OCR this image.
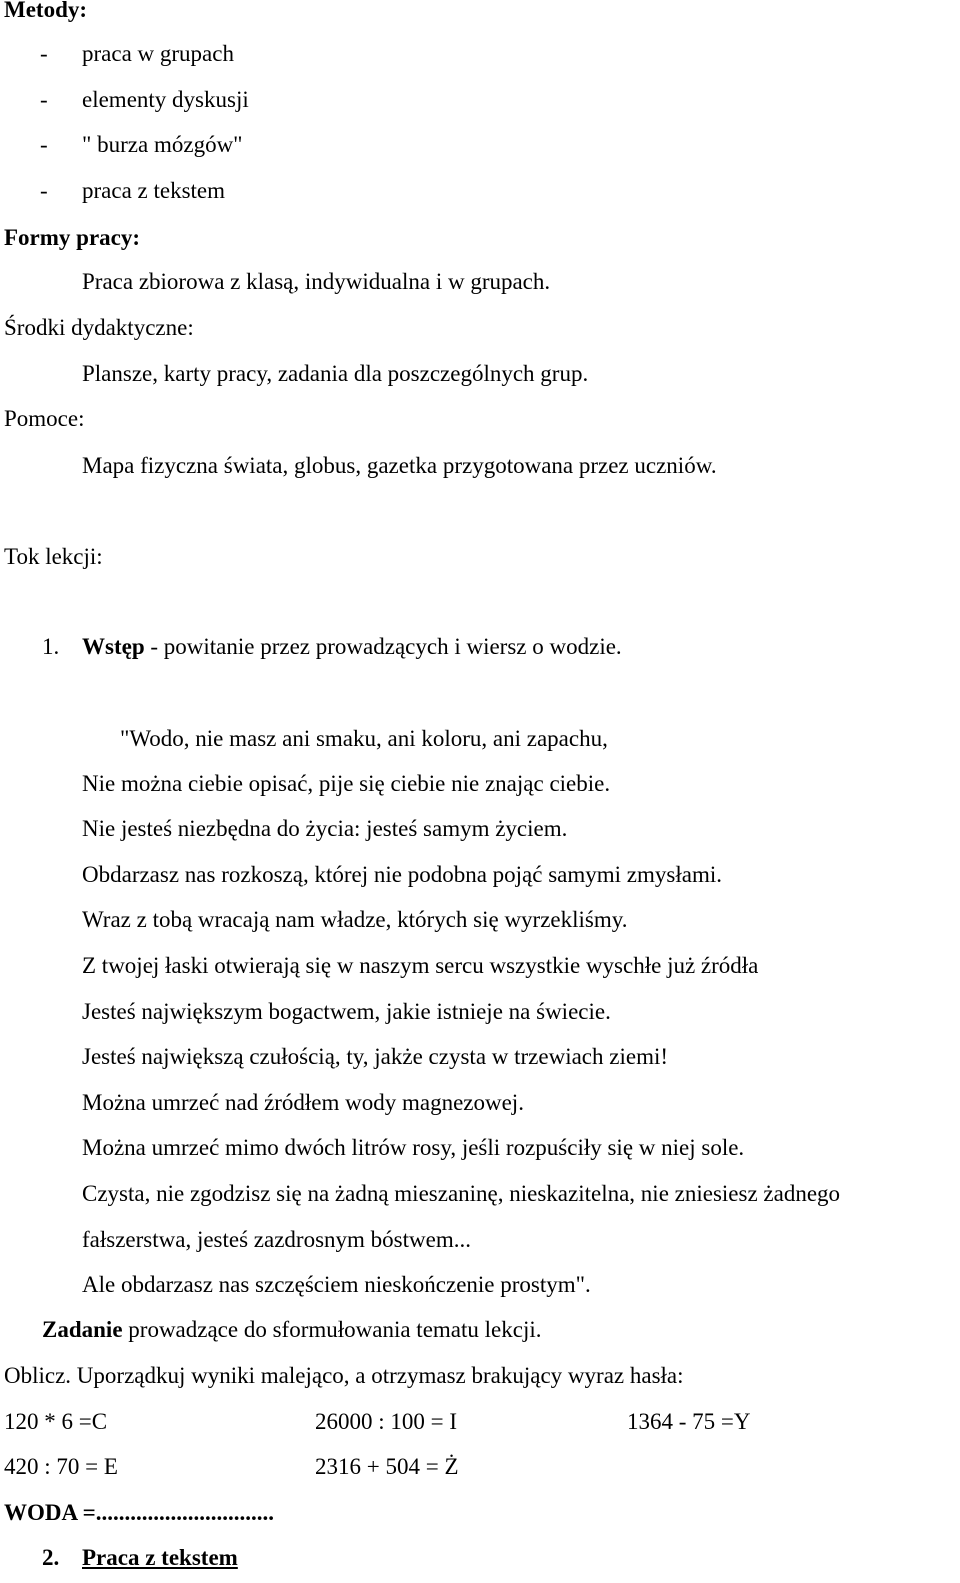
Metody:
- praca w grupach
- elementy dyskusji
- " burza mózgów"
- praca z tekstem
Formy pracy:
Praca zbiorowa z klasą, indywidualna i w grupach.
Środki dydaktyczne:
Plansze, karty pracy, zadania dla poszczególnych grup.
Pomoce:
Mapa fizyczna świata, globus, gazetka przygotowana przez uczniów.
Tok lekcji:
1. Wstęp - powitanie przez prowadzących i wiersz o wodzie.
"Wodo, nie masz ani smaku, ani koloru, ani zapachu,
Nie można ciebie opisać, pije się ciebie nie znając ciebie.
Nie jesteś niezbędna do życia: jesteś samym życiem.
Obdarzasz nas rozkoszą, której nie podobna pojąć samymi zmysłami.
Wraz z tobą wracają nam władze, których się wyrzekliśmy.
Z twojej łaski otwierają się w naszym sercu wszystkie wyschłe już źródła
Jesteś największym bogactwem, jakie istnieje na świecie.
Jesteś największą czułością, ty, jakże czysta w trzewiach ziemi!
Można umrzeć nad źródłem wody magnezowej.
Można umrzeć mimo dwóch litrów rosy, jeśli rozpuściły się w niej sole.
Czysta, nie zgodzisz się na żadną mieszaninę, nieskazitelna, nie zniesiesz żadnego
fałszerstwa, jesteś zazdrosnym bóstwem...
Ale obdarzasz nas szczęściem nieskończenie prostym".
Zadanie prowadzące do sformułowania tematu lekcji.
Oblicz. Uporządkuj wyniki malejąco, a otrzymasz brakujący wyraz hasła:
120 * 6 =C	26000 : 100 = I	1364 - 75 =Y
420 : 70 = E	2316 + 504 = Ż
WODA =...............................
2. Praca z tekstem
